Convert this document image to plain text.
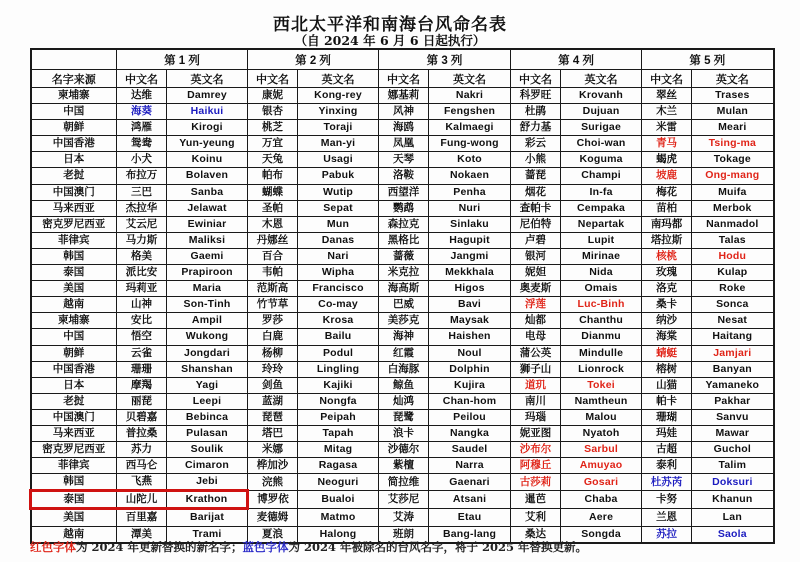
西北太平洋和南海台风命名表
（自 2024 年 6 月 6 日起执行）
	第 1 列		第 2 列		第 3 列		第 4 列		第 5 列	
名字来源	中文名	英文名	中文名	英文名	中文名	英文名	中文名	英文名	中文名	英文名
柬埔寨	达维	Damrey	康妮	Kong-rey	娜基莉	Nakri	科罗旺	Krovanh	翠丝	Trases
中国	海葵	Haikui	银杏	Yinxing	风神	Fengshen	杜鹃	Dujuan	木兰	Mulan
朝鲜	鸿雁	Kirogi	桃芝	Toraji	海鸥	Kalmaegi	舒力基	Surigae	米雷	Meari
中国香港	鸳鸯	Yun-yeung	万宜	Man-yi	凤凰	Fung-wong	彩云	Choi-wan	青马	Tsing-ma
日本	小犬	Koinu	天兔	Usagi	天琴	Koto	小熊	Koguma	蝎虎	Tokage
老挝	布拉万	Bolaven	帕布	Pabuk	洛鞍	Nokaen	蔷琵	Champi	坡鹿	Ong-mang
中国澳门	三巴	Sanba	蝴蝶	Wutip	西望洋	Penha	烟花	In-fa	梅花	Muifa
马来西亚	杰拉华	Jelawat	圣帕	Sepat	鹦鹉	Nuri	查帕卡	Cempaka	苗柏	Merbok
密克罗尼西亚	艾云尼	Ewiniar	木恩	Mun	森拉克	Sinlaku	尼伯特	Nepartak	南玛都	Nanmadol
菲律宾	马力斯	Maliksi	丹娜丝	Danas	黑格比	Hagupit	卢碧	Lupit	塔拉斯	Talas
韩国	格美	Gaemi	百合	Nari	蔷薇	Jangmi	银河	Mirinae	核桃	Hodu
泰国	派比安	Prapiroon	韦帕	Wipha	米克拉	Mekkhala	妮妲	Nida	玫瑰	Kulap
美国	玛莉亚	Maria	范斯高	Francisco	海高斯	Higos	奥麦斯	Omais	洛克	Roke
越南	山神	Son-Tinh	竹节草	Co-may	巴威	Bavi	浮莲	Luc-Binh	桑卡	Sonca
柬埔寨	安比	Ampil	罗莎	Krosa	美莎克	Maysak	灿都	Chanthu	纳沙	Nesat
中国	悟空	Wukong	白鹿	Bailu	海神	Haishen	电母	Dianmu	海棠	Haitang
朝鲜	云雀	Jongdari	杨柳	Podul	红霞	Noul	蒲公英	Mindulle	蜻蜓	Jamjari
中国香港	珊珊	Shanshan	玲玲	Lingling	白海豚	Dolphin	狮子山	Lionrock	榕树	Banyan
日本	摩羯	Yagi	剑鱼	Kajiki	鲸鱼	Kujira	道玑	Tokei	山猫	Yamaneko
老挝	丽琵	Leepi	蓝湖	Nongfa	灿鸿	Chan-hom	南川	Namtheun	帕卡	Pakhar
中国澳门	贝碧嘉	Bebinca	琵琶	Peipah	琵鹭	Peilou	玛瑙	Malou	珊瑚	Sanvu
马来西亚	普拉桑	Pulasan	塔巴	Tapah	浪卡	Nangka	妮亚图	Nyatoh	玛娃	Mawar
密克罗尼西亚	苏力	Soulik	米娜	Mitag	沙德尔	Saudel	沙布尔	Sarbul	古超	Guchol
菲律宾	西马仑	Cimaron	桦加沙	Ragasa	紫檀	Narra	阿穆丘	Amuyao	泰利	Talim
韩国	飞燕	Jebi	浣熊	Neoguri	简拉维	Gaenari	古莎莉	Gosari	杜苏芮	Doksuri
泰国	山陀儿	Krathon	博罗依	Bualoi	艾莎尼	Atsani	暹芭	Chaba	卡努	Khanun
美国	百里嘉	Barijat	麦德姆	Matmo	艾涛	Etau	艾利	Aere	兰恩	Lan
越南	潭美	Trami	夏浪	Halong	班朗	Bang-lang	桑达	Songda	苏拉	Saola
红色字体为 2024 年更新替换的新名字；蓝色字体为 2024 年被除名的台风名字，将于 2025 年替换更新。
